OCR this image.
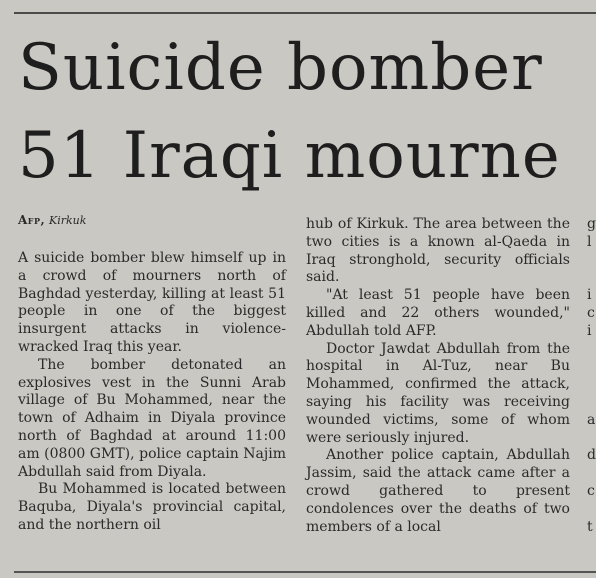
Suicide bomber
51 Iraqi mourne
Afp, Kirkuk

A suicide bomber blew himself up in a crowd of mourners north of Baghdad yesterday, killing at least 51 people in one of the biggest insurgent attacks in violence-wracked Iraq this year.

The bomber detonated an explosives vest in the Sunni Arab village of Bu Mohammed, near the town of Adhaim in Diyala province north of Baghdad at around 11:00 am (0800 GMT), police captain Najim Abdullah said from Diyala.

Bu Mohammed is located between Baquba, Diyala's provincial capital, and the northern oil

hub of Kirkuk. The area between the two cities is a known al-Qaeda in Iraq stronghold, security officials said.

"At least 51 people have been killed and 22 others wounded," Abdullah told AFP.

Doctor Jawdat Abdullah from the hospital in Al-Tuz, near Bu Mohammed, confirmed the attack, saying his facility was receiving wounded victims, some of whom were seriously injured.

Another police captain, Abdullah Jassim, said the attack came after a crowd gathered to present condolences over the deaths of two members of a local

g
l
i
c
i
a
d
c
t
